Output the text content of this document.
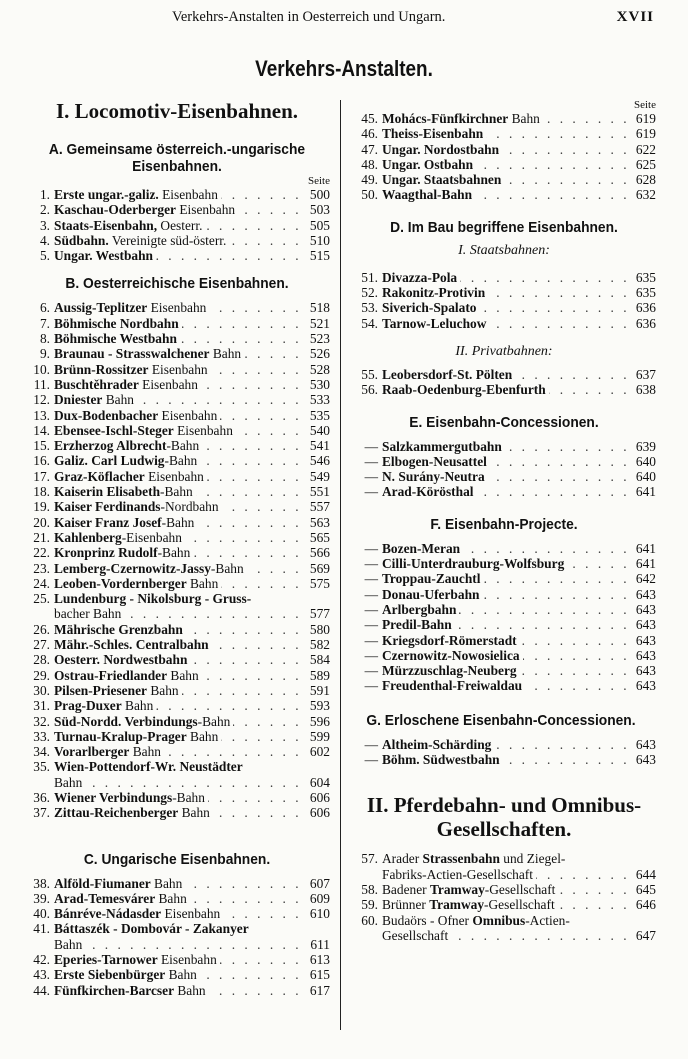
Verkehrs-Anstalten in Oesterreich und Ungarn.	XVII
Verkehrs-Anstalten.
I. Locomotiv-Eisenbahnen.
A. Gemeinsame österreich.-ungarische
Eisenbahnen.
Seite
1. Erste ungar.-galiz. Eisenbahn . . .	500
2. Kaschau-Oderberger Eisenbahn . . .	503
3. Staats-Eisenbahn, Oesterr. . . .	505
4. Südbahn. Vereinigte süd-österr. . . .	510
5. Ungar. Westbahn . . .	515
B. Oesterreichische Eisenbahnen.
6. Aussig-Teplitzer Eisenbahn . . .	518
7. Böhmische Nordbahn . . .	521
8. Böhmische Westbahn . . .	523
9. Braunau - Strasswalchener Bahn . . .	526
10. Brünn-Rossitzer Eisenbahn . . .	528
11. Buschtěhrader Eisenbahn . . .	530
12. Dniester Bahn . . .	533
13. Dux-Bodenbacher Eisenbahn . . .	535
14. Ebensee-Ischl-Steger Eisenbahn . . .	540
15. Erzherzog Albrecht-Bahn . . .	541
16. Galiz. Carl Ludwig-Bahn . . .	546
17. Graz-Köflacher Eisenbahn . . .	549
18. Kaiserin Elisabeth-Bahn . . .	551
19. Kaiser Ferdinands-Nordbahn . . .	557
20. Kaiser Franz Josef-Bahn . . .	563
21. Kahlenberg-Eisenbahn . . .	565
22. Kronprinz Rudolf-Bahn . . .	566
23. Lemberg-Czernowitz-Jassy-Bahn . . .	569
24. Leoben-Vordernberger Bahn . . .	575
25. Lundenburg - Nikolsburg - Gruss-
bacher Bahn . . .	577
26. Mährische Grenzbahn . . .	580
27. Mähr.-Schles. Centralbahn . . .	582
28. Oesterr. Nordwestbahn . . .	584
29. Ostrau-Friedlander Bahn . . .	589
30. Pilsen-Priesener Bahn . . .	591
31. Prag-Duxer Bahn . . .	593
32. Süd-Nordd. Verbindungs-Bahn . . .	596
33. Turnau-Kralup-Prager Bahn . . .	599
34. Vorarlberger Bahn . . .	602
35. Wien-Pottendorf-Wr. Neustädter
Bahn . . .	604
36. Wiener Verbindungs-Bahn . . .	606
37. Zittau-Reichenberger Bahn . . .	606
C. Ungarische Eisenbahnen.
38. Alföld-Fiumaner Bahn . . .	607
39. Arad-Temesvárer Bahn . . .	609
40. Bánréve-Nádasder Eisenbahn . . .	610
41. Báttaszék - Dombovár - Zakanyer
Bahn . . .	611
42. Eperies-Tarnower Eisenbahn . . .	613
43. Erste Siebenbürger Bahn . . .	615
44. Fünfkirchen-Barcser Bahn . . .	617
Seite
45. Mohács-Fünfkirchner Bahn . . .	619
46. Theiss-Eisenbahn . . .	619
47. Ungar. Nordostbahn . . .	622
48. Ungar. Ostbahn . . .	625
49. Ungar. Staatsbahnen . . .	628
50. Waagthal-Bahn . . .	632
D. Im Bau begriffene Eisenbahnen.
I. Staatsbahnen:
51. Divazza-Pola . . .	635
52. Rakonitz-Protivin . . .	635
53. Siverich-Spalato . . .	636
54. Tarnow-Leluchow . . .	636
II. Privatbahnen:
55. Leobersdorf-St. Pölten . . .	637
56. Raab-Oedenburg-Ebenfurth . . .	638
E. Eisenbahn-Concessionen.
— Salzkammergutbahn . . .	639
— Elbogen-Neusattel . . .	640
— N. Surány-Neutra . . .	640
— Arad-Körösthal . . .	641
F. Eisenbahn-Projecte.
— Bozen-Meran . . .	641
— Cilli-Unterdrauburg-Wolfsburg . . .	641
— Troppau-Zauchtl . . .	642
— Donau-Uferbahn . . .	643
— Arlbergbahn . . .	643
— Predil-Bahn . . .	643
— Kriegsdorf-Römerstadt . . .	643
— Czernowitz-Nowosielica . . .	643
— Mürzzuschlag-Neuberg . . .	643
— Freudenthal-Freiwaldau . . .	643
G. Erloschene Eisenbahn-Concessionen.
— Altheim-Schärding . . .	643
— Böhm. Südwestbahn . . .	643
II. Pferdebahn- und Omnibus-
Gesellschaften.
57. Arader Strassenbahn und Ziegel-
Fabriks-Actien-Gesellschaft . . .	644
58. Badener Tramway-Gesellschaft . . .	645
59. Brünner Tramway-Gesellschaft . . .	646
60. Budaörs - Ofner Omnibus-Actien-
Gesellschaft . . .	647
